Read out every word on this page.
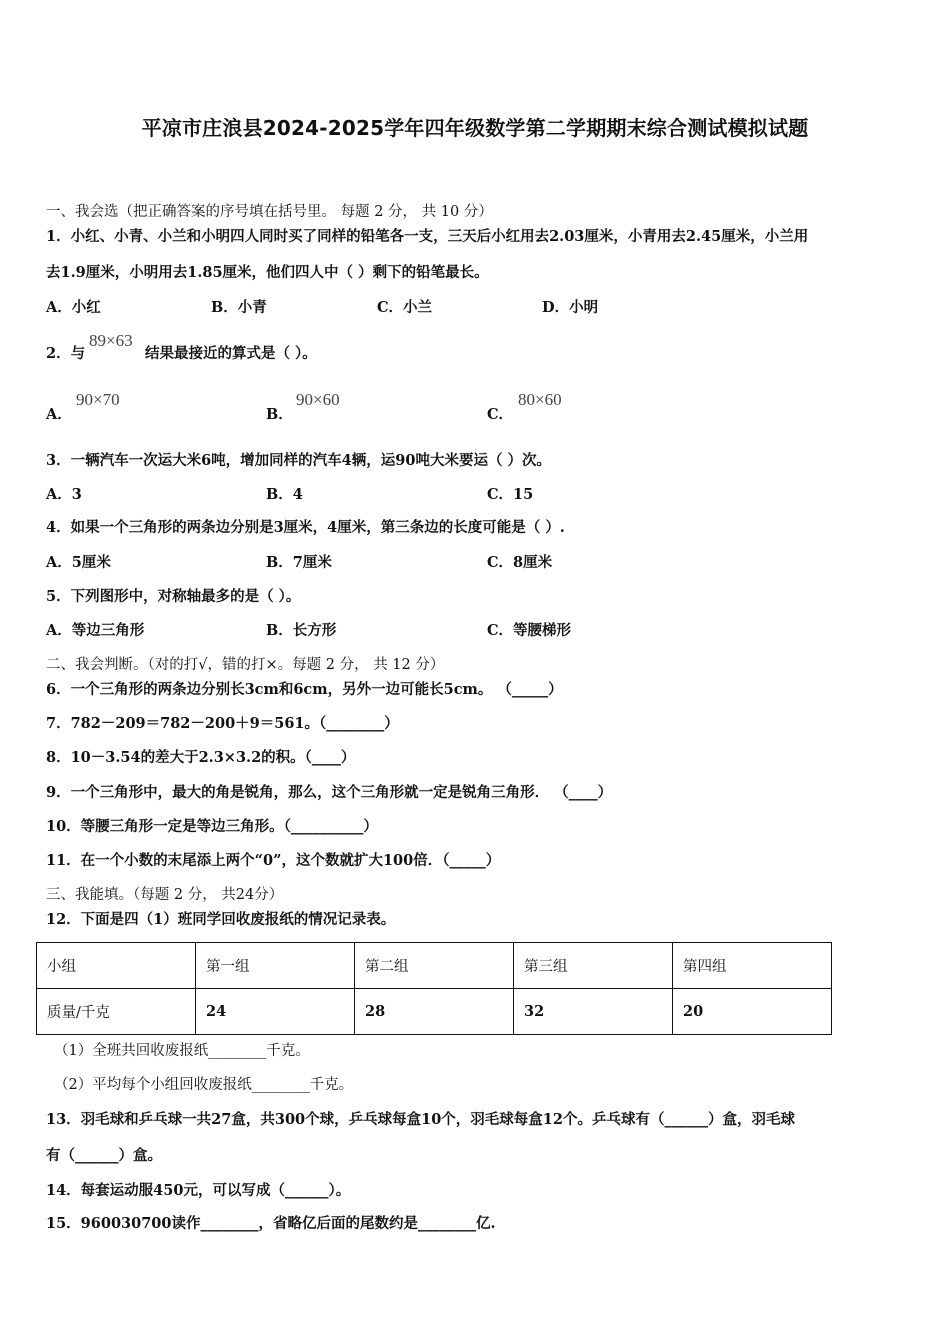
平凉市庄浪县2024-2025学年四年级数学第二学期期末综合测试模拟试题
一、我会选（把正确答案的序号填在括号里。 每题 2 分， 共 10 分）
1．小红、小青、小兰和小明四人同时买了同样的铅笔各一支，三天后小红用去2.03厘米，小青用去2.45厘米，小兰用
去1.9厘米，小明用去1.85厘米，他们四人中（ ）剩下的铅笔最长。
A．小红	B．小青	C．小兰	D．小明
2．与
89×63
结果最接近的算式是（ ）。
A．
90×70
B．
90×60
C．
80×60
3．一辆汽车一次运大米6吨，增加同样的汽车4辆，运90吨大米要运（ ）次。
A．3	B．4	C．15
4．如果一个三角形的两条边分别是3厘米，4厘米，第三条边的长度可能是（ ）.
A．5厘米	B．7厘米	C．8厘米
5．下列图形中，对称轴最多的是（ ）。
A．等边三角形	B．长方形	C．等腰梯形
二、我会判断。（对的打√，错的打×。每题 2 分， 共 12 分）
6．一个三角形的两条边分别长3cm和6cm，另外一边可能长5cm。 （_____）
7．782－209＝782－200＋9＝561。（________）
8．10－3.54的差大于2.3×3.2的积。（____）
9．一个三角形中，最大的角是锐角，那么，这个三角形就一定是锐角三角形． （____）
10．等腰三角形一定是等边三角形。（__________）
11．在一个小数的末尾添上两个“0”，这个数就扩大100倍．（_____）
三、我能填。（每题 2 分， 共24分）
12．下面是四（1）班同学回收废报纸的情况记录表。
小组	第一组	第二组	第三组	第四组
质量/千克	24	28	32	20
（1）全班共回收废报纸________千克。
（2）平均每个小组回收废报纸________千克。
13．羽毛球和乒乓球一共27盒，共300个球，乒乓球每盒10个，羽毛球每盒12个。乒乓球有（______）盒，羽毛球
有（______）盒。
14．每套运动服450元，可以写成（______）。
15．960030700读作________，省略亿后面的尾数约是________亿.
